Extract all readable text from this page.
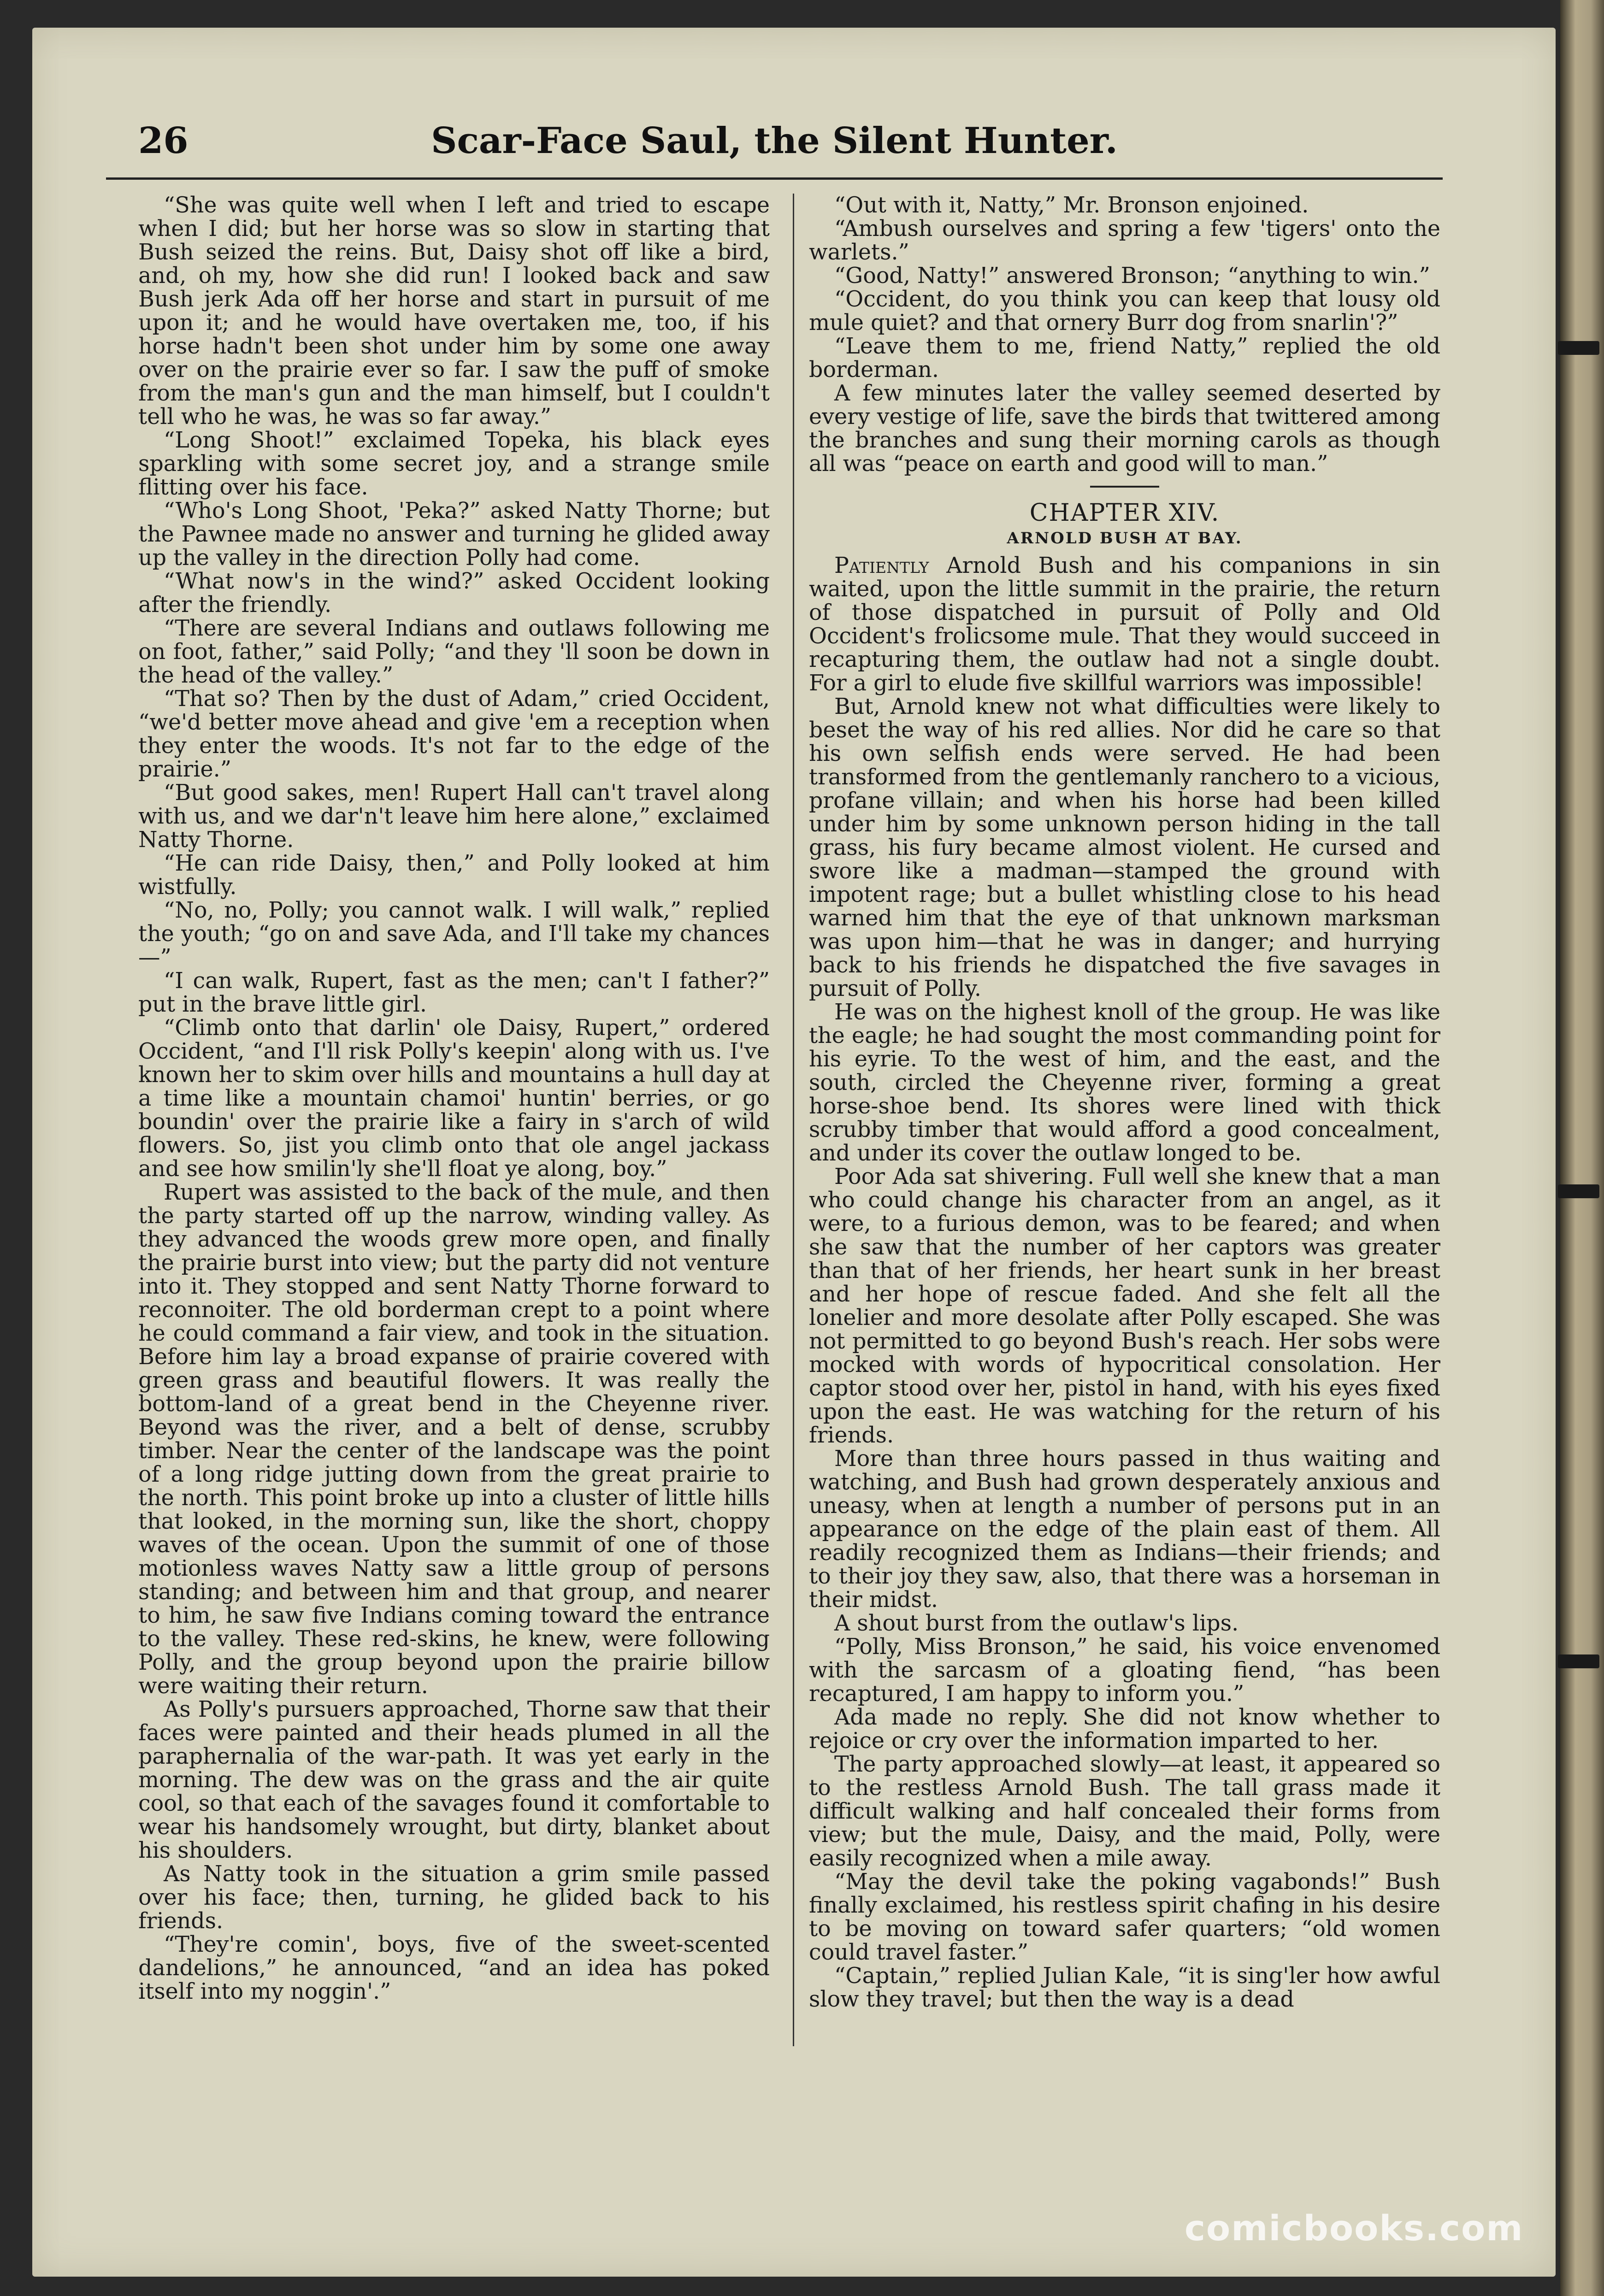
26	Scar-Face Saul, the Silent Hunter.

“She was quite well when I left and tried to escape when I did; but her horse was so slow in starting that Bush seized the reins. But, Daisy shot off like a bird, and, oh my, how she did run! I looked back and saw Bush jerk Ada off her horse and start in pursuit of me upon it; and he would have overtaken me, too, if his horse hadn't been shot under him by some one away over on the prairie ever so far. I saw the puff of smoke from the man's gun and the man himself, but I couldn't tell who he was, he was so far away.”

“Long Shoot!” exclaimed Topeka, his black eyes sparkling with some secret joy, and a strange smile flitting over his face.

“Who's Long Shoot, 'Peka?” asked Natty Thorne; but the Pawnee made no answer and turning he glided away up the valley in the direction Polly had come.

“What now's in the wind?” asked Occident looking after the friendly.

“There are several Indians and outlaws following me on foot, father,” said Polly; “and they 'll soon be down in the head of the valley.”

“That so? Then by the dust of Adam,” cried Occident, “we'd better move ahead and give 'em a reception when they enter the woods. It's not far to the edge of the prairie.”

“But good sakes, men! Rupert Hall can't travel along with us, and we dar'n't leave him here alone,” exclaimed Natty Thorne.

“He can ride Daisy, then,” and Polly looked at him wistfully.

“No, no, Polly; you cannot walk. I will walk,” replied the youth; “go on and save Ada, and I'll take my chances—”

“I can walk, Rupert, fast as the men; can't I father?” put in the brave little girl.

“Climb onto that darlin' ole Daisy, Rupert,” ordered Occident, “and I'll risk Polly's keepin' along with us. I've known her to skim over hills and mountains a hull day at a time like a mountain chamoi' huntin' berries, or go boundin' over the prairie like a fairy in s'arch of wild flowers. So, jist you climb onto that ole angel jackass and see how smilin'ly she'll float ye along, boy.”

Rupert was assisted to the back of the mule, and then the party started off up the narrow, winding valley. As they advanced the woods grew more open, and finally the prairie burst into view; but the party did not venture into it. They stopped and sent Natty Thorne forward to reconnoiter. The old borderman crept to a point where he could command a fair view, and took in the situation. Before him lay a broad expanse of prairie covered with green grass and beautiful flowers. It was really the bottom-land of a great bend in the Cheyenne river. Beyond was the river, and a belt of dense, scrubby timber. Near the center of the landscape was the point of a long ridge jutting down from the great prairie to the north. This point broke up into a cluster of little hills that looked, in the morning sun, like the short, choppy waves of the ocean. Upon the summit of one of those motionless waves Natty saw a little group of persons standing; and between him and that group, and nearer to him, he saw five Indians coming toward the entrance to the valley. These red-skins, he knew, were following Polly, and the group beyond upon the prairie billow were waiting their return.

As Polly's pursuers approached, Thorne saw that their faces were painted and their heads plumed in all the paraphernalia of the war-path. It was yet early in the morning. The dew was on the grass and the air quite cool, so that each of the savages found it comfortable to wear his handsomely wrought, but dirty, blanket about his shoulders.

As Natty took in the situation a grim smile passed over his face; then, turning, he glided back to his friends.

“They're comin', boys, five of the sweet-scented dandelions,” he announced, “and an idea has poked itself into my noggin'.”

“Out with it, Natty,” Mr. Bronson enjoined.

“Ambush ourselves and spring a few 'tigers' onto the warlets.”

“Good, Natty!” answered Bronson; “anything to win.”

“Occident, do you think you can keep that lousy old mule quiet? and that ornery Burr dog from snarlin'?”

“Leave them to me, friend Natty,” replied the old borderman.

A few minutes later the valley seemed deserted by every vestige of life, save the birds that twittered among the branches and sung their morning carols as though all was “peace on earth and good will to man.”

CHAPTER XIV.
ARNOLD BUSH AT BAY.

Patiently Arnold Bush and his companions in sin waited, upon the little summit in the prairie, the return of those dispatched in pursuit of Polly and Old Occident's frolicsome mule. That they would succeed in recapturing them, the outlaw had not a single doubt. For a girl to elude five skillful warriors was impossible!

But, Arnold knew not what difficulties were likely to beset the way of his red allies. Nor did he care so that his own selfish ends were served. He had been transformed from the gentlemanly ranchero to a vicious, profane villain; and when his horse had been killed under him by some unknown person hiding in the tall grass, his fury became almost violent. He cursed and swore like a madman—stamped the ground with impotent rage; but a bullet whistling close to his head warned him that the eye of that unknown marksman was upon him—that he was in danger; and hurrying back to his friends he dispatched the five savages in pursuit of Polly.

He was on the highest knoll of the group. He was like the eagle; he had sought the most commanding point for his eyrie. To the west of him, and the east, and the south, circled the Cheyenne river, forming a great horse-shoe bend. Its shores were lined with thick scrubby timber that would afford a good concealment, and under its cover the outlaw longed to be.

Poor Ada sat shivering. Full well she knew that a man who could change his character from an angel, as it were, to a furious demon, was to be feared; and when she saw that the number of her captors was greater than that of her friends, her heart sunk in her breast and her hope of rescue faded. And she felt all the lonelier and more desolate after Polly escaped. She was not permitted to go beyond Bush's reach. Her sobs were mocked with words of hypocritical consolation. Her captor stood over her, pistol in hand, with his eyes fixed upon the east. He was watching for the return of his friends.

More than three hours passed in thus waiting and watching, and Bush had grown desperately anxious and uneasy, when at length a number of persons put in an appearance on the edge of the plain east of them. All readily recognized them as Indians—their friends; and to their joy they saw, also, that there was a horseman in their midst.

A shout burst from the outlaw's lips.

“Polly, Miss Bronson,” he said, his voice envenomed with the sarcasm of a gloating fiend, “has been recaptured, I am happy to inform you.”

Ada made no reply. She did not know whether to rejoice or cry over the information imparted to her.

The party approached slowly—at least, it appeared so to the restless Arnold Bush. The tall grass made it difficult walking and half concealed their forms from view; but the mule, Daisy, and the maid, Polly, were easily recognized when a mile away.

“May the devil take the poking vagabonds!” Bush finally exclaimed, his restless spirit chafing in his desire to be moving on toward safer quarters; “old women could travel faster.”

“Captain,” replied Julian Kale, “it is sing'ler how awful slow they travel; but then the way is a dead

comicbooks.com
